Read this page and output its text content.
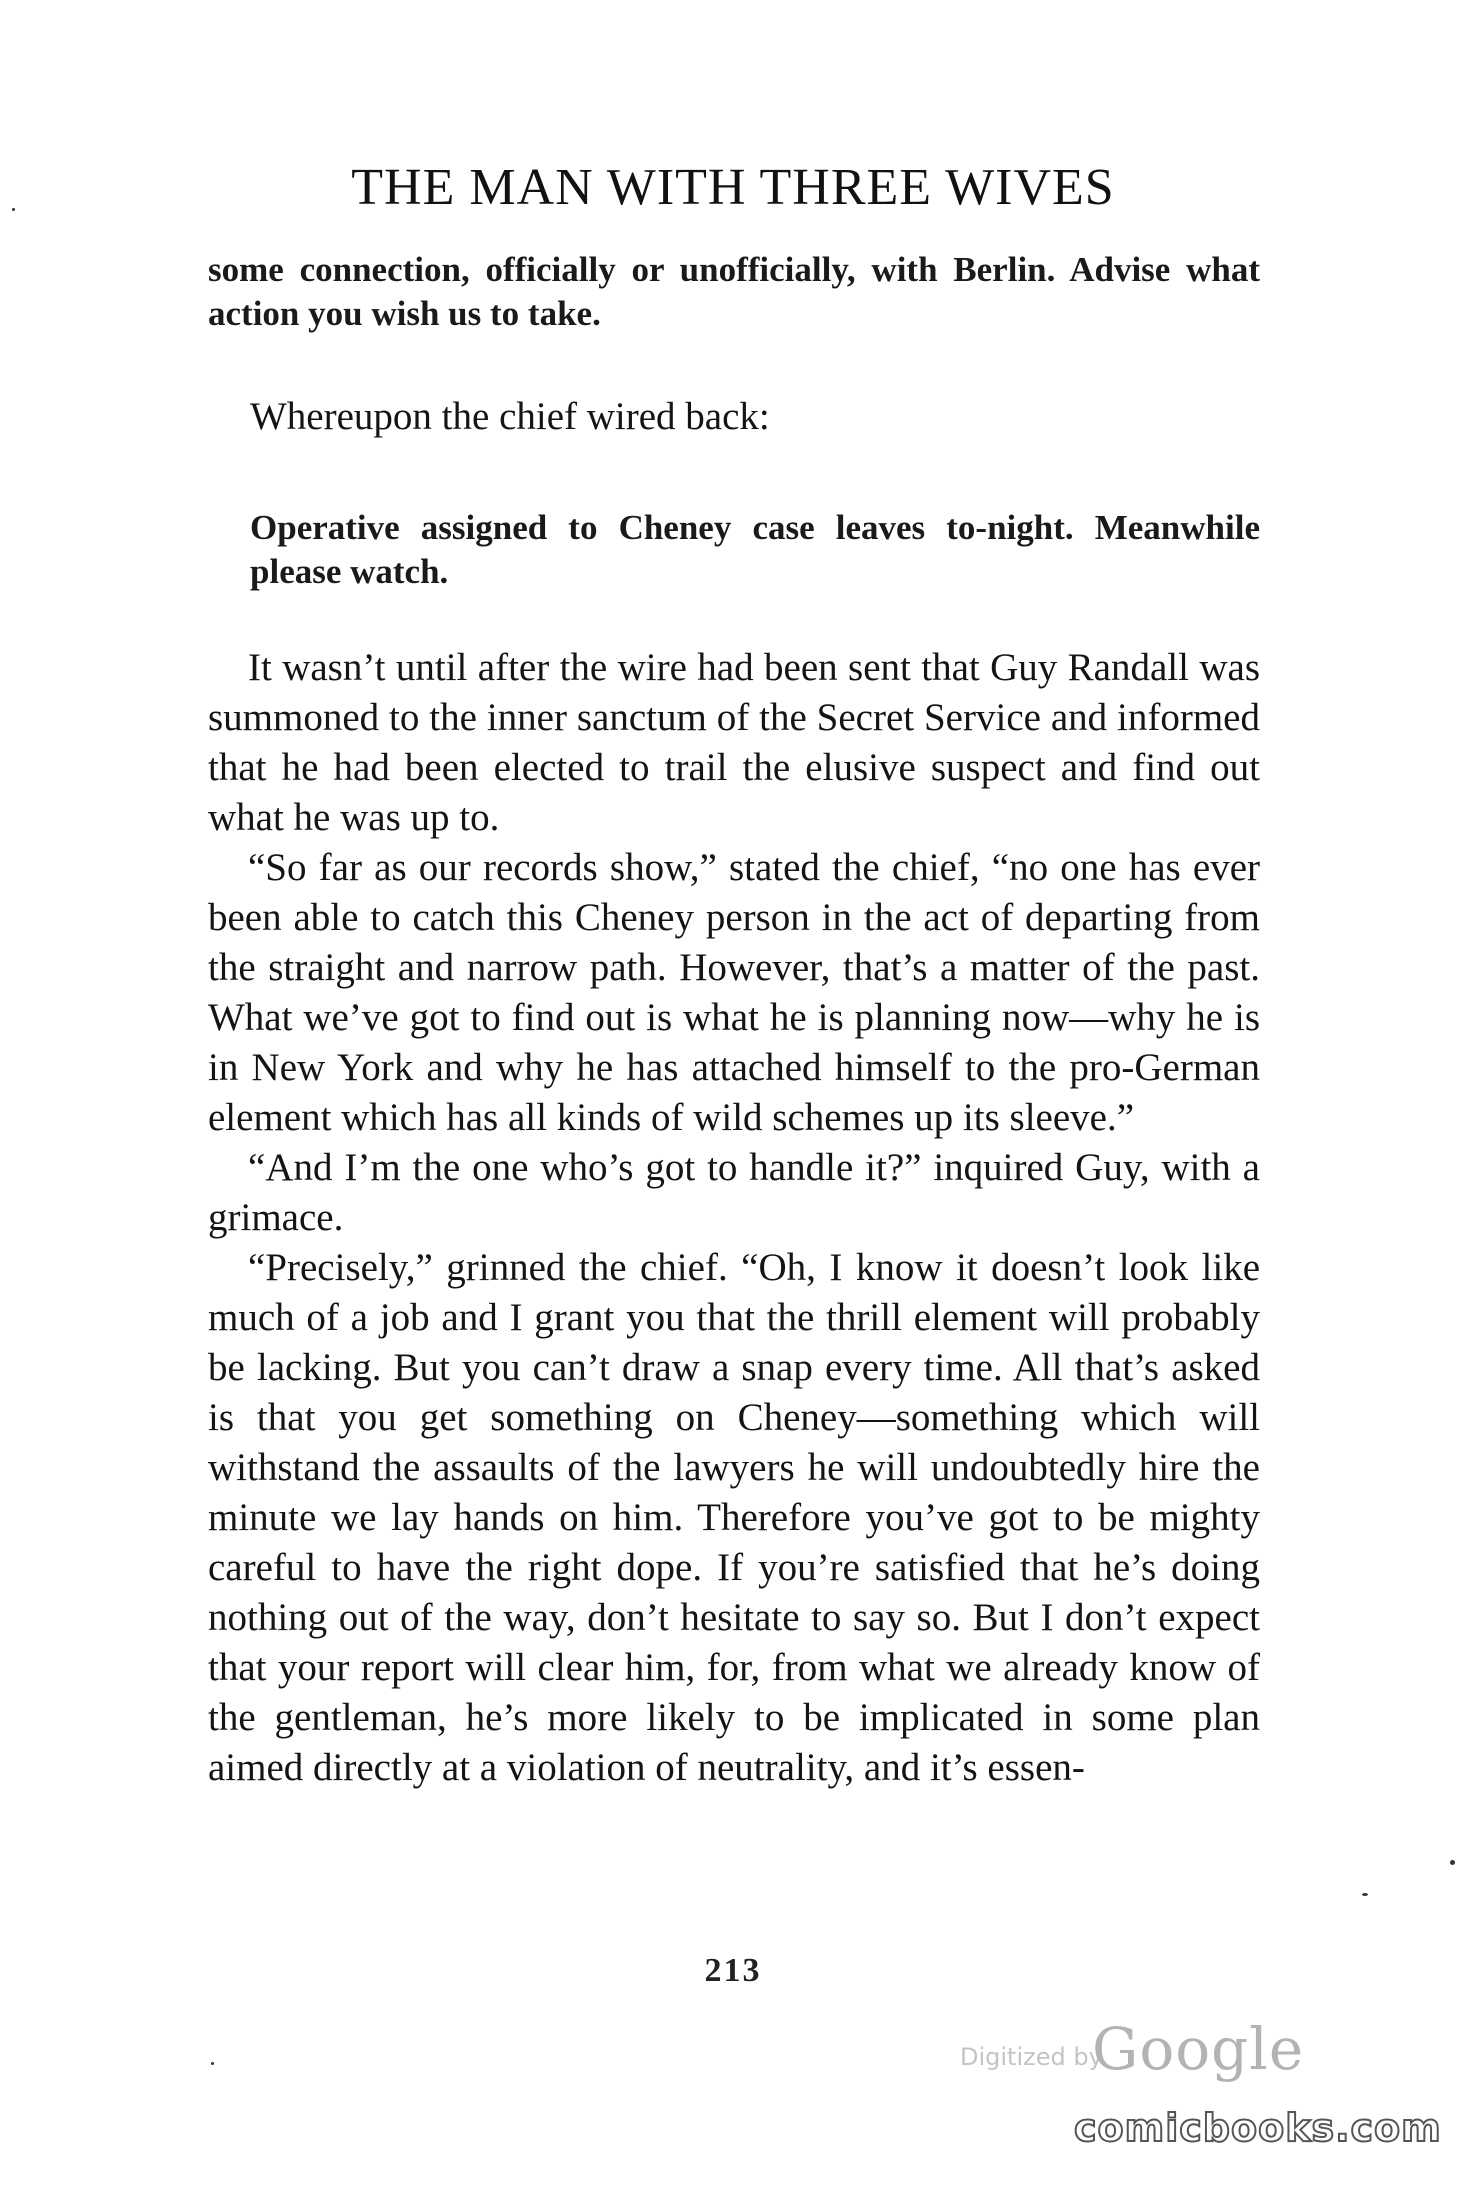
THE MAN WITH THREE WIVES

some connection, officially or unofficially, with Berlin. Advise what action you wish us to take.

Whereupon the chief wired back:

Operative assigned to Cheney case leaves to-night. Meanwhile please watch.

It wasn’t until after the wire had been sent that Guy Randall was summoned to the inner sanctum of the Secret Service and informed that he had been elected to trail the elusive suspect and find out what he was up to.

“So far as our records show,” stated the chief, “no one has ever been able to catch this Cheney person in the act of departing from the straight and narrow path. However, that’s a matter of the past. What we’ve got to find out is what he is planning now—why he is in New York and why he has attached himself to the pro-German element which has all kinds of wild schemes up its sleeve.”

“And I’m the one who’s got to handle it?” inquired Guy, with a grimace.

“Precisely,” grinned the chief. “Oh, I know it doesn’t look like much of a job and I grant you that the thrill element will probably be lacking. But you can’t draw a snap every time. All that’s asked is that you get something on Cheney—something which will withstand the assaults of the lawyers he will undoubtedly hire the minute we lay hands on him. Therefore you’ve got to be mighty careful to have the right dope. If you’re satisfied that he’s doing nothing out of the way, don’t hesitate to say so. But I don’t expect that your report will clear him, for, from what we already know of the gentleman, he’s more likely to be implicated in some plan aimed directly at a violation of neutrality, and it’s essen-

213
Digitized by
Google
comicbooks.com
